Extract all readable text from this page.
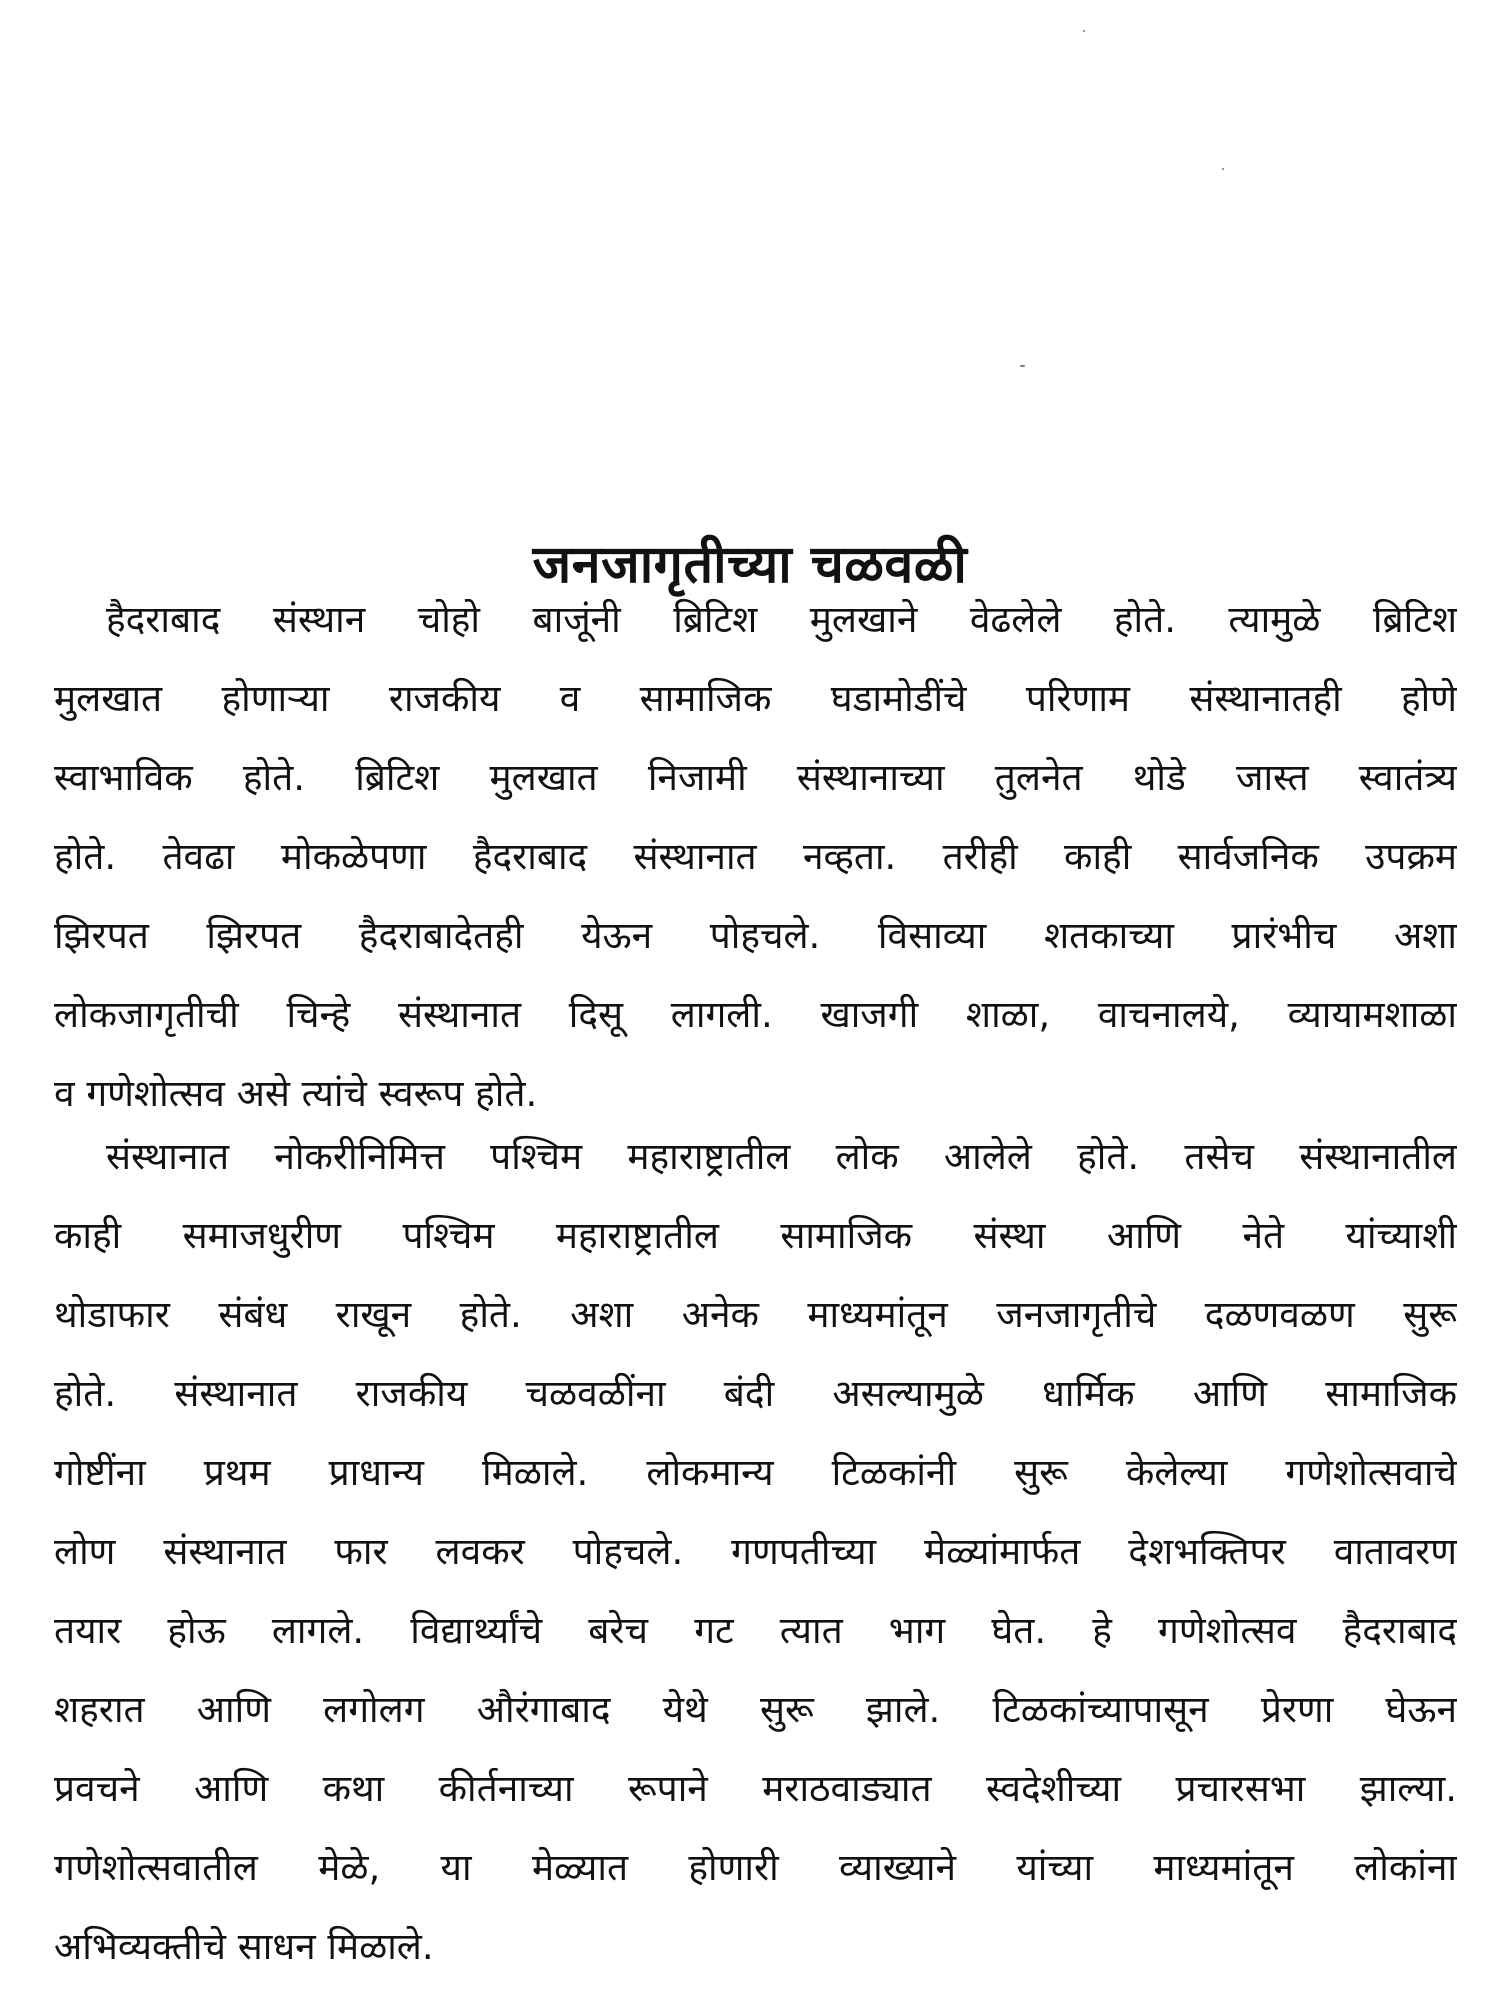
जनजागृतीच्या चळवळी
हैदराबाद संस्थान चोहो बाजूंनी ब्रिटिश मुलखाने वेढलेले होते. त्यामुळे ब्रिटिश
मुलखात होणाऱ्या राजकीय व सामाजिक घडामोडींचे परिणाम संस्थानातही होणे
स्वाभाविक होते. ब्रिटिश मुलखात निजामी संस्थानाच्या तुलनेत थोडे जास्त स्वातंत्र्य
होते. तेवढा मोकळेपणा हैदराबाद संस्थानात नव्हता. तरीही काही सार्वजनिक उपक्रम
झिरपत झिरपत हैदराबादेतही येऊन पोहचले. विसाव्या शतकाच्या प्रारंभीच अशा
लोकजागृतीची चिन्हे संस्थानात दिसू लागली. खाजगी शाळा, वाचनालये, व्यायामशाळा
व गणेशोत्सव असे त्यांचे स्वरूप होते.
संस्थानात नोकरीनिमित्त पश्चिम महाराष्ट्रातील लोक आलेले होते. तसेच संस्थानातील
काही समाजधुरीण पश्चिम महाराष्ट्रातील सामाजिक संस्था आणि नेते यांच्याशी
थोडाफार संबंध राखून होते. अशा अनेक माध्यमांतून जनजागृतीचे दळणवळण सुरू
होते. संस्थानात राजकीय चळवळींना बंदी असल्यामुळे धार्मिक आणि सामाजिक
गोष्टींना प्रथम प्राधान्य मिळाले. लोकमान्य टिळकांनी सुरू केलेल्या गणेशोत्सवाचे
लोण संस्थानात फार लवकर पोहचले. गणपतीच्या मेळ्यांमार्फत देशभक्तिपर वातावरण
तयार होऊ लागले. विद्यार्थ्यांचे बरेच गट त्यात भाग घेत. हे गणेशोत्सव हैदराबाद
शहरात आणि लगोलग औरंगाबाद येथे सुरू झाले. टिळकांच्यापासून प्रेरणा घेऊन
प्रवचने आणि कथा कीर्तनाच्या रूपाने मराठवाड्यात स्वदेशीच्या प्रचारसभा झाल्या.
गणेशोत्सवातील मेळे, या मेळ्यात होणारी व्याख्याने यांच्या माध्यमांतून लोकांना
अभिव्यक्तीचे साधन मिळाले.
